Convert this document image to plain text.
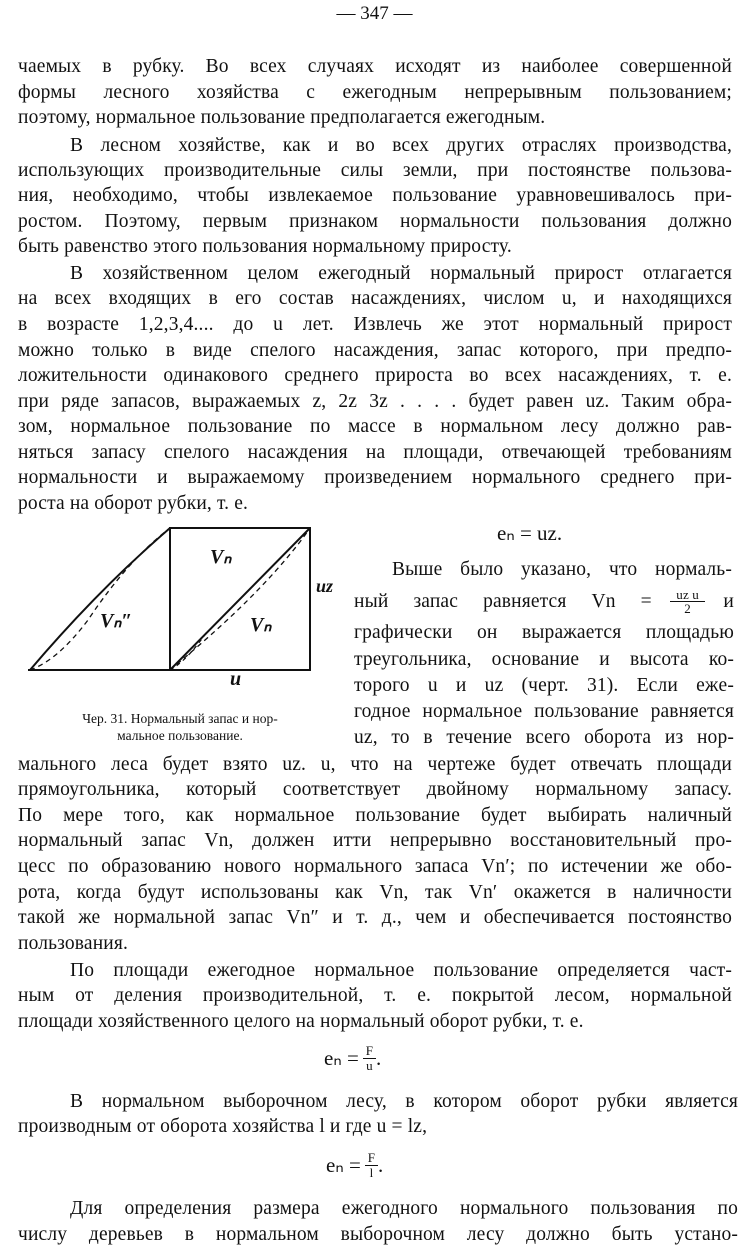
— 347 —
чаемых в рубку. Во всех случаях исходят из наиболее совершенной
формы лесного хозяйства с ежегодным непрерывным пользованием;
поэтому, нормальное пользование предполагается ежегодным.
В лесном хозяйстве, как и во всех других отраслях производства,
использующих производительные силы земли, при постоянстве пользова-
ния, необходимо, чтобы извлекаемое пользование уравновешивалось при-
ростом. Поэтому, первым признаком нормальности пользования должно
быть равенство этого пользования нормальному приросту.
В хозяйственном целом ежегодный нормальный прирост отлагается
на всех входящих в его состав насаждениях, числом u, и находящихся
в возрасте 1,2,3,4.... до u лет. Извлечь же этот нормальный прирост
можно только в виде спелого насаждения, запас которого, при предпо-
ложительности одинакового среднего прироста во всех насаждениях, т. е.
при ряде запасов, выражаемых z, 2z 3z . . . . будет равен uz. Таким обра-
зом, нормальное пользование по массе в нормальном лесу должно рав-
няться запасу спелого насаждения на площади, отвечающей требованиям
нормальности и выражаемому произведением нормального среднего при-
роста на оборот рубки, т. е.
eₙ = uz.
Vₙ
Vₙ″	Vₙ
uz
u
Чер. 31. Нормальный запас и нор-
мальное пользование.
Выше было указано, что нормаль-
ный запас равняется $Vn = \frac{\text{uz u}}{2}$ и
графически он выражается площадью
треугольника, основание и высота ко-
торого u и uz (черт. 31). Если ежe-
годное нормальное пользование равняется
uz, то в течение всего оборота из нор-
мального леса будет взято uz. u, что на чертеже будет отвечать площади
прямоугольника, который соответствует двойному нормальному запасу.
По мере того, как нормальное пользование будет выбирать наличный
нормальный запас Vn, должен итти непрерывно восстановительный про-
цесс по образованию нового нормального запаса Vn′; по истечении же обо-
рота, когда будут использованы как Vn, так Vn′ окажется в наличности
такой же нормальной запас Vn″ и т. д., чем и обеспечивается постоянство
пользования.
По площади ежегодное нормальное пользование определяется част-
ным от деления производительной, т. е. покрытой лесом, нормальной
площади хозяйственного целого на нормальный оборот рубки, т. е.
$e_n = \frac{F}{u}$ .
В нормальном выборочном лесу, в котором оборот рубки является
производным от оборота хозяйства l и где u = lz,
$e_n = \frac{F}{l}$ .
Для определения размера ежегодного нормального пользования по
числу деревьев в нормальном выборочном лесу должно быть устано-
